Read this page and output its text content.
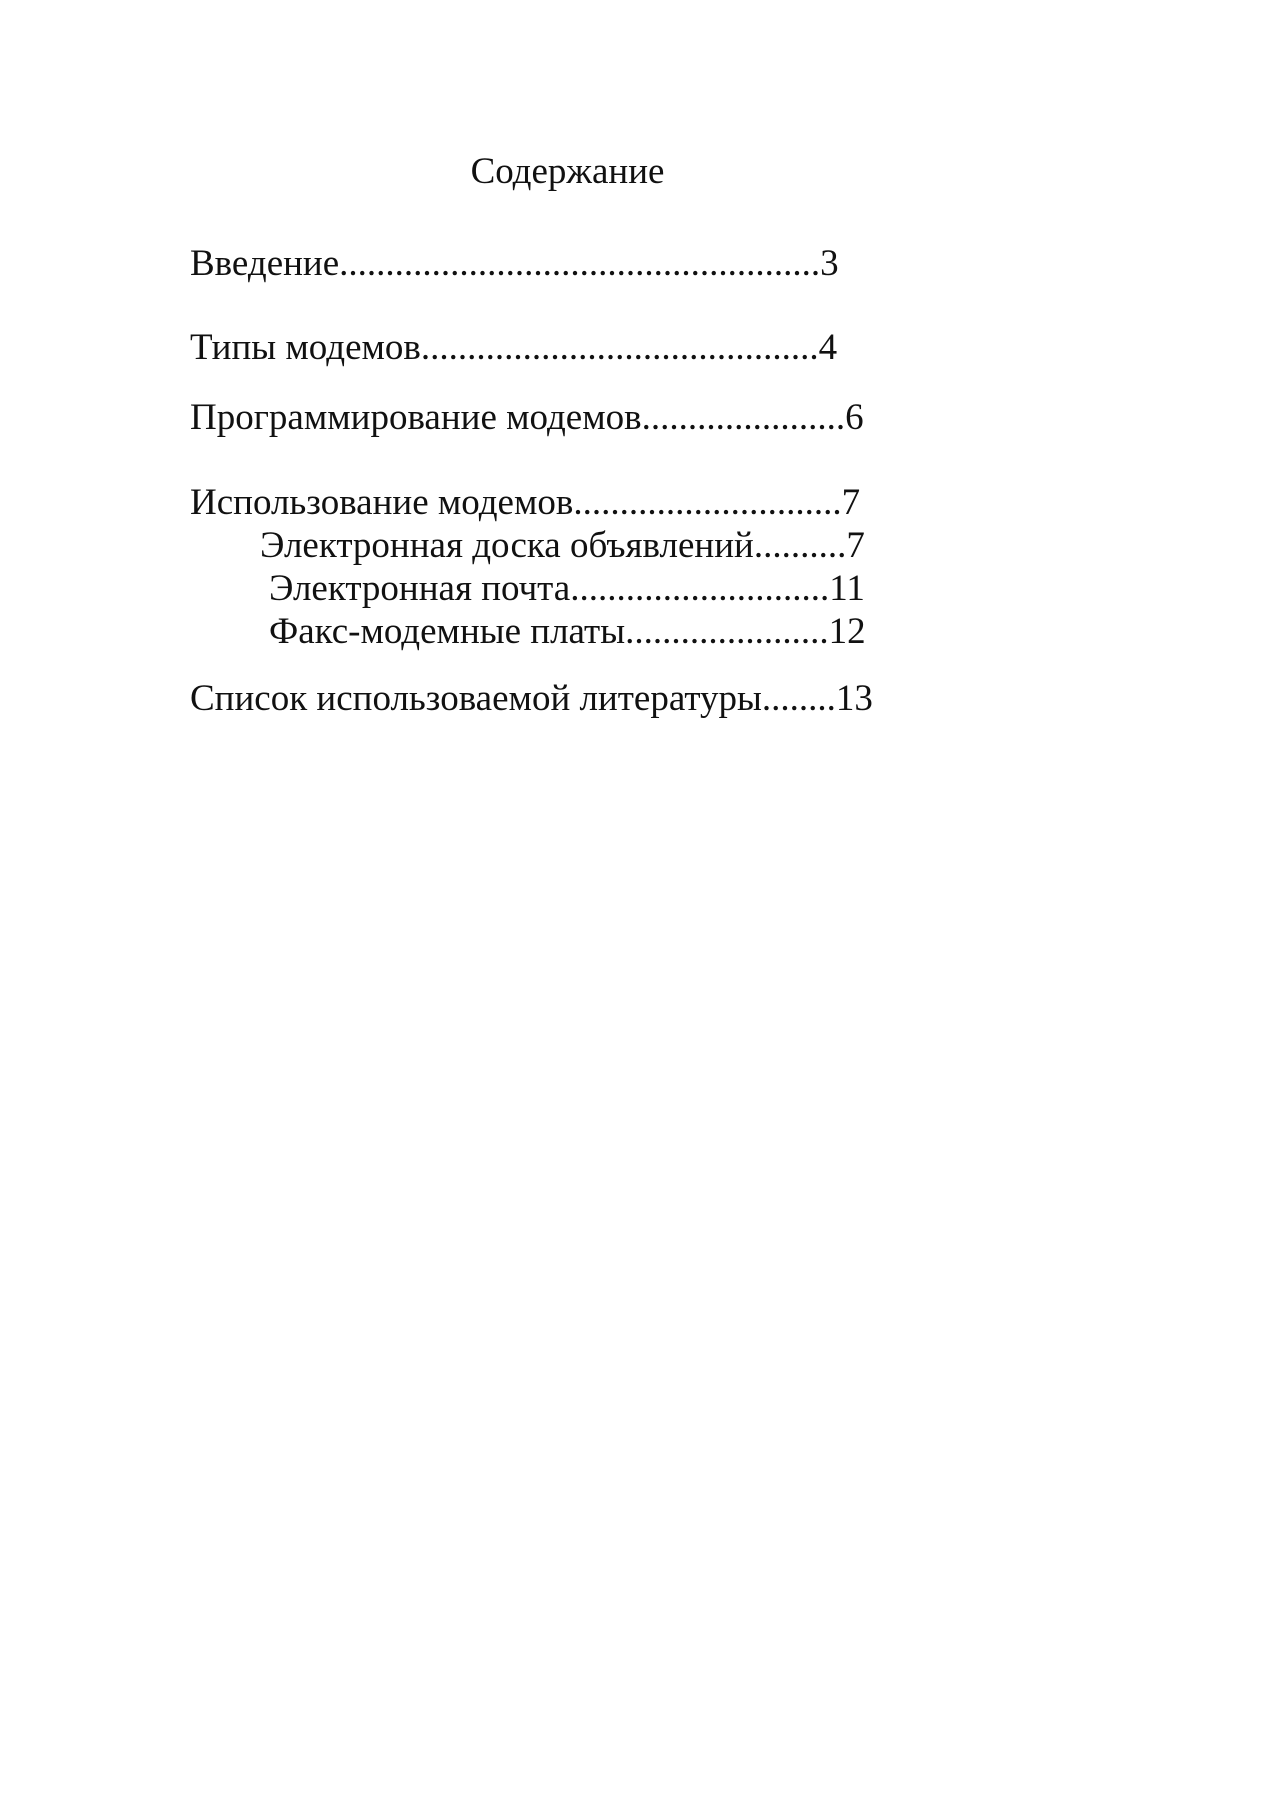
Содержание
Введение....................................................3
Типы модемов...........................................4
Программирование модемов......................6
Использование модемов.............................7
Электронная доска объявлений..........7
Электронная почта............................11
Факс-модемные платы......................12
Список использоваемой литературы........13
